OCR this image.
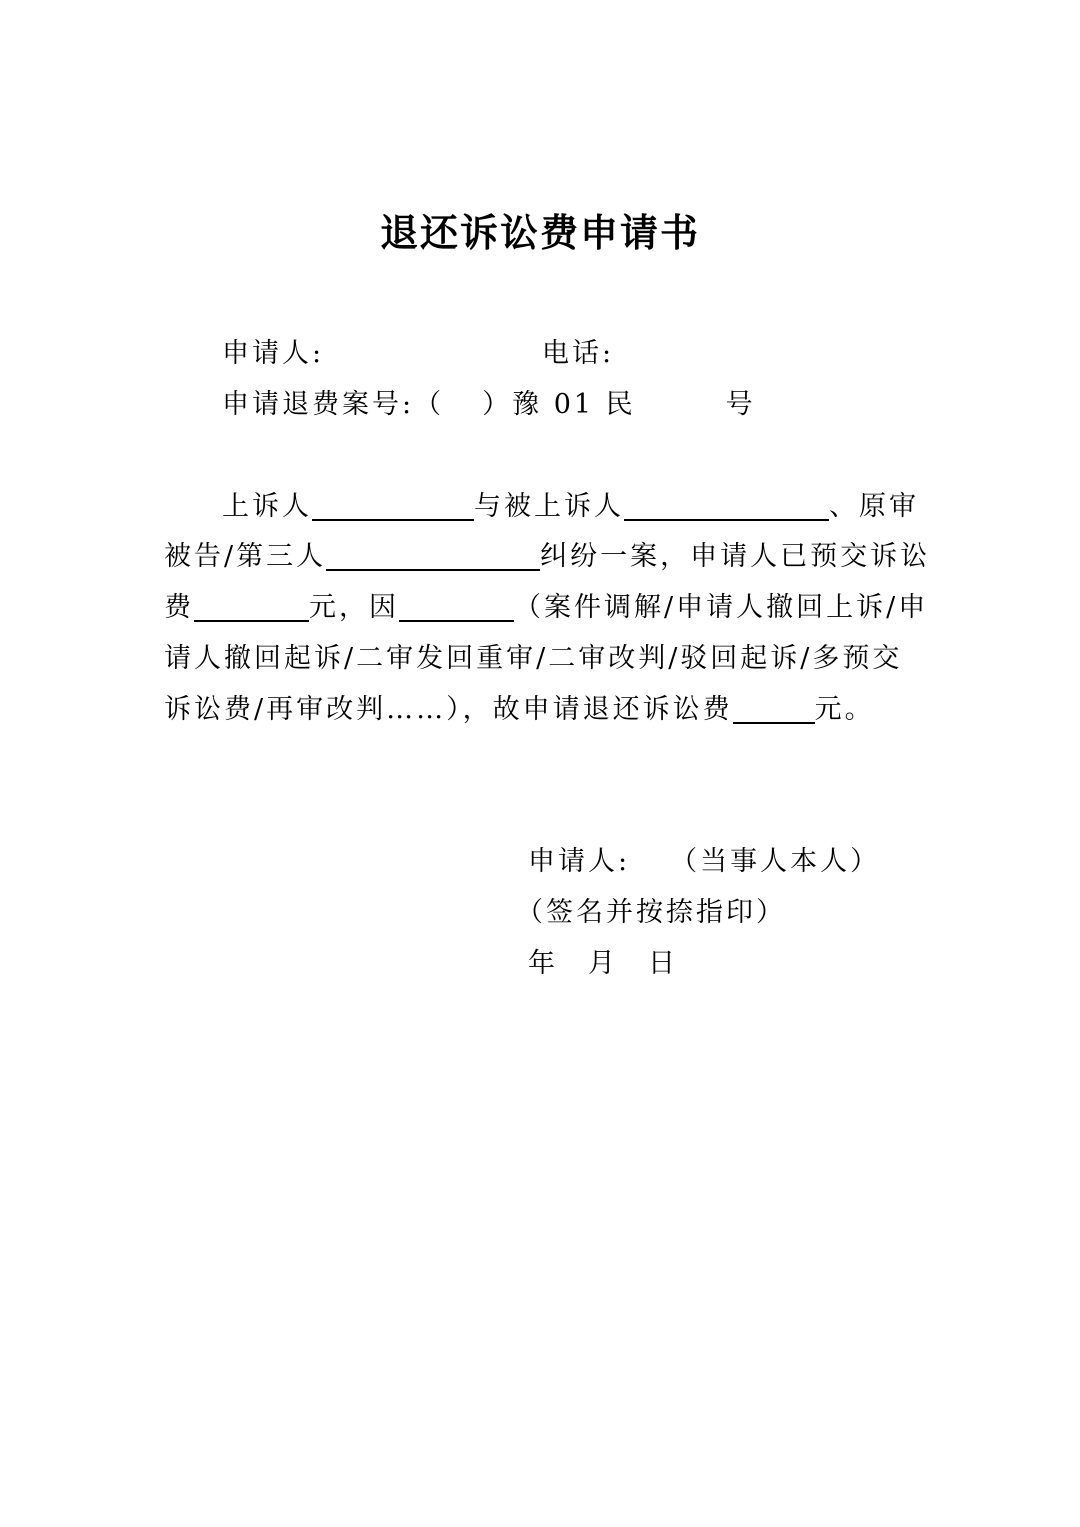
退还诉讼费申请书
申请人:	电话:
申请退费案号:（ ）豫 01 民	号
上诉人	与被上诉人	、原审
被告/第三人	纠纷一案，申请人已预交诉讼
费	元，因	（案件调解/申请人撤回上诉/申
请人撤回起诉/二审发回重审/二审改判/驳回起诉/多预交
诉讼费/再审改判……），故申请退还诉讼费	元。
申请人: （当事人本人）
（签名并按捺指印）
年 月 日
